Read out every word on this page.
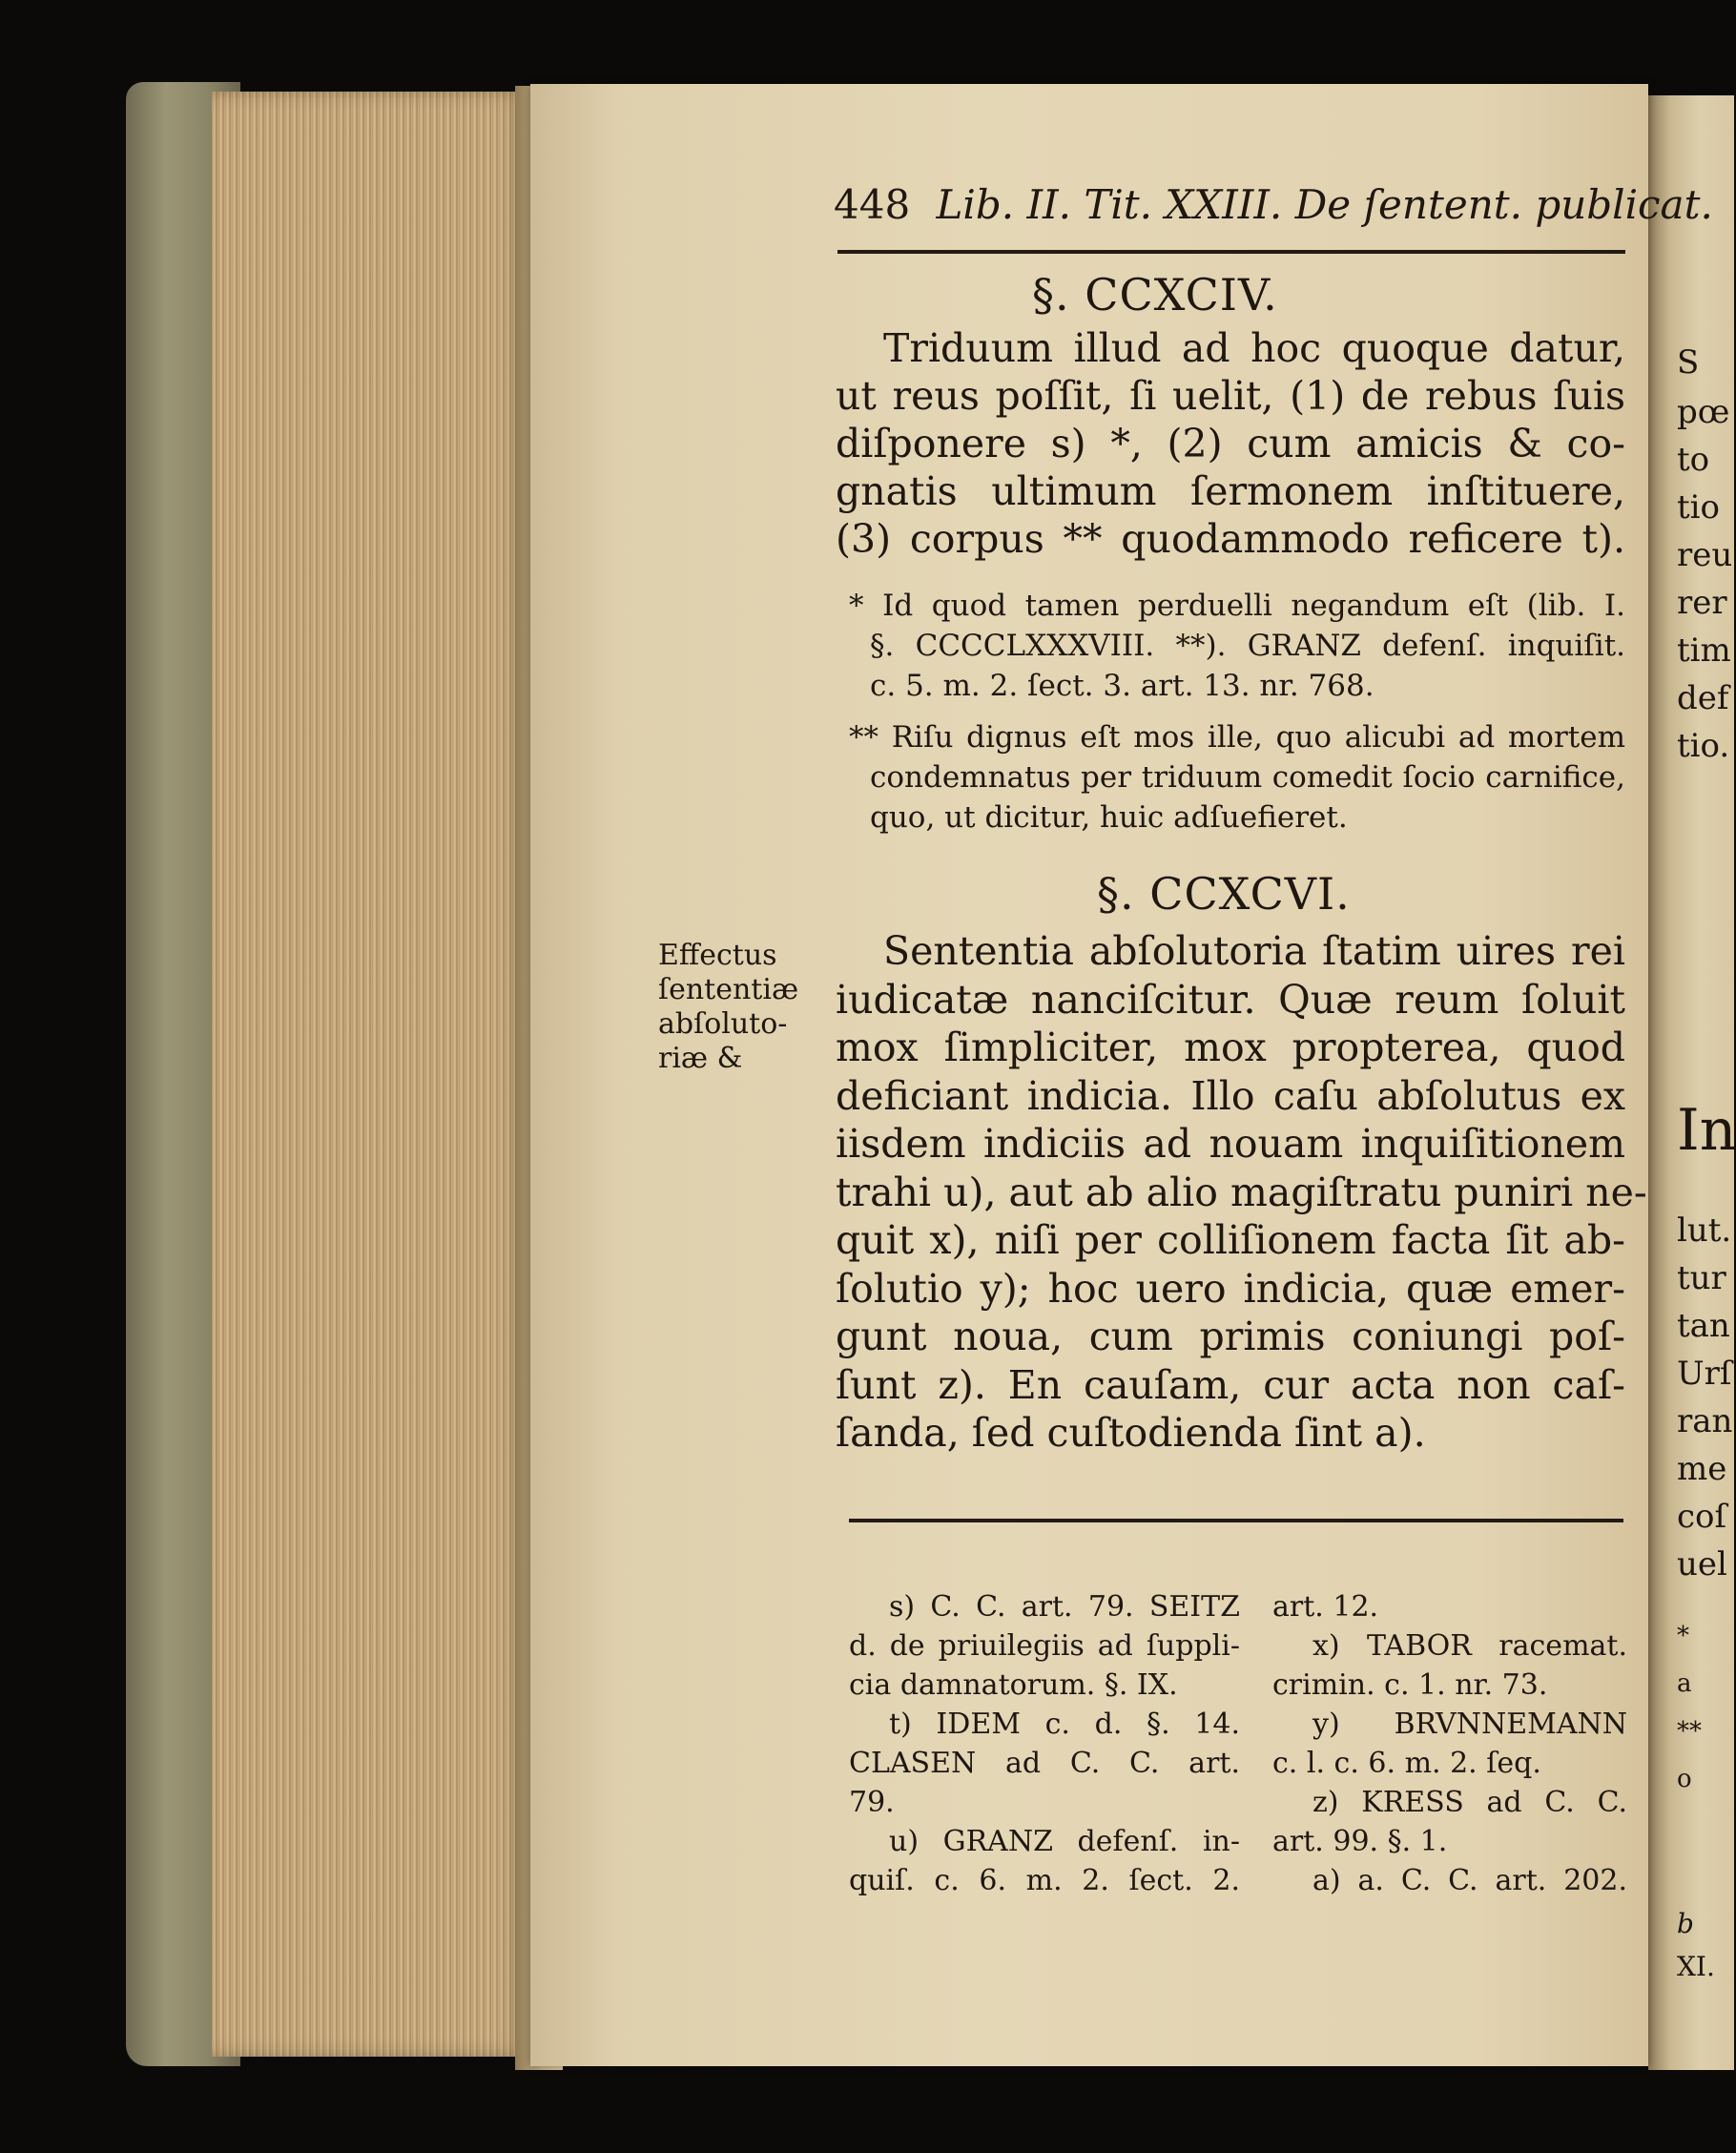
S
pœ
to
tio
reu
rer
tim
def
tio.
In
lut.
tur
tan
Urſ
ran
me
coſ
uel
*
a
**
o
b
XI.
448 Lib. II. Tit. XXIII. De ſentent. publicat.
§. CCXCIV.
Triduum illud ad hoc quoque datur,
ut reus poſſit, ſi uelit, (1) de rebus ſuis
diſponere s) *, (2) cum amicis & co-
gnatis ultimum ſermonem inſtituere,
(3) corpus ** quodammodo reficere t).
* Id quod tamen perduelli negandum eſt (lib. I.
§. CCCCLXXXVIII. **). GRANZ defenſ. inquiſit.
c. 5. m. 2. ſect. 3. art. 13. nr. 768.
** Riſu dignus eſt mos ille, quo alicubi ad mortem
condemnatus per triduum comedit ſocio carnifice,
quo, ut dicitur, huic adſuefieret.
§. CCXCVI.
Effectus
ſententiæ
abſoluto-
riæ &
Sententia abſolutoria ſtatim uires rei
iudicatæ nanciſcitur. Quæ reum ſoluit
mox ſimpliciter, mox propterea, quod
deficiant indicia. Illo caſu abſolutus ex
iisdem indiciis ad nouam inquiſitionem
trahi u), aut ab alio magiſtratu puniri ne-
quit x), niſi per colliſionem facta ſit ab-
ſolutio y); hoc uero indicia, quæ emer-
gunt noua, cum primis coniungi poſ-
ſunt z). En cauſam, cur acta non caſ-
ſanda, ſed cuſtodienda ſint a).
s) C. C. art. 79. SEITZ
d. de priuilegiis ad ſuppli-
cia damnatorum. §. IX.
t) IDEM c. d. §. 14.
CLASEN ad C. C. art.
79.
u) GRANZ defenſ. in-
quiſ. c. 6. m. 2. ſect. 2.
art. 12.
x) TABOR racemat.
crimin. c. 1. nr. 73.
y) BRVNNEMANN
c. l. c. 6. m. 2. ſeq.
z) KRESS ad C. C.
art. 99. §. 1.
a) a. C. C. art. 202.
